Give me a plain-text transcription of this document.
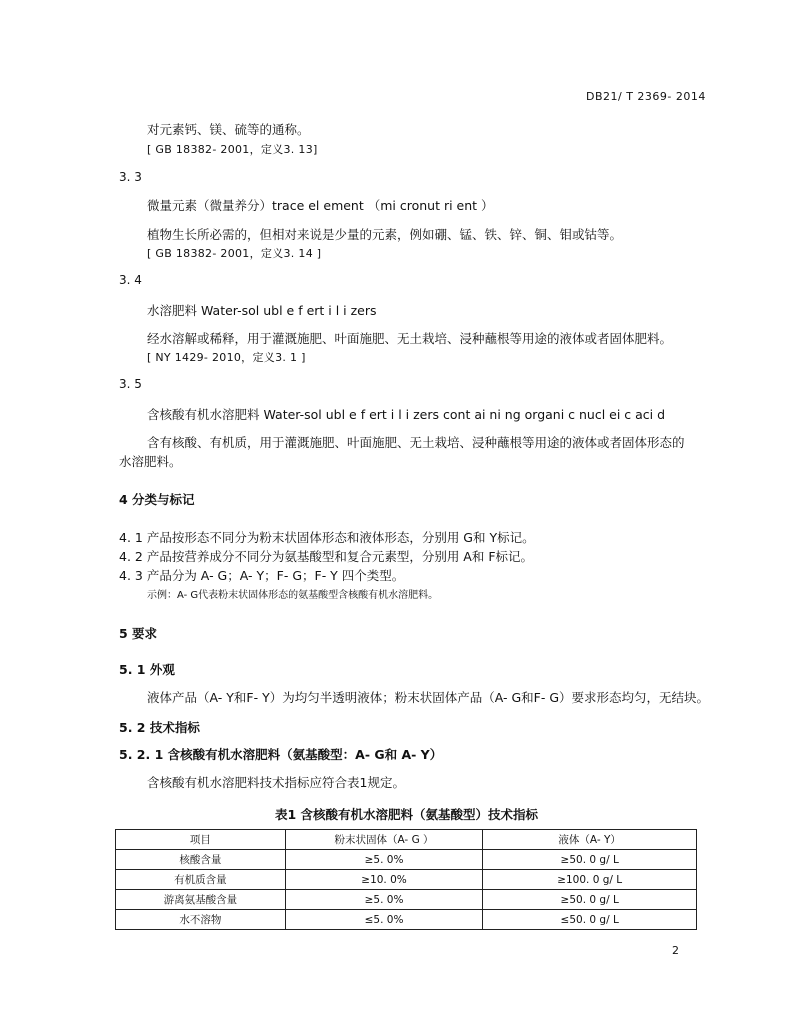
DB21/ T 2369- 2014
对元素钙、镁、硫等的通称。
[ GB 18382- 2001，定义3. 13]
3. 3
微量元素（微量养分）trace el ement （mi cronut ri ent ）
植物生长所必需的，但相对来说是少量的元素，例如硼、锰、铁、锌、铜、钼或钴等。
[ GB 18382- 2001，定义3. 14 ]
3. 4
水溶肥料 Water-sol ubl e f ert i l i zers
经水溶解或稀释，用于灌溉施肥、叶面施肥、无土栽培、浸种蘸根等用途的液体或者固体肥料。
[ NY 1429- 2010，定义3. 1 ]
3. 5
含核酸有机水溶肥料 Water-sol ubl e f ert i l i zers cont ai ni ng organi c nucl ei c aci d
含有核酸、有机质，用于灌溉施肥、叶面施肥、无土栽培、浸种蘸根等用途的液体或者固体形态的
水溶肥料。
4 分类与标记
4. 1 产品按形态不同分为粉末状固体形态和液体形态，分别用 G和 Y标记。
4. 2 产品按营养成分不同分为氨基酸型和复合元素型，分别用 A和 F标记。
4. 3 产品分为 A- G；A- Y；F- G；F- Y 四个类型。
示例：A- G代表粉末状固体形态的氨基酸型含核酸有机水溶肥料。
5 要求
5. 1 外观
液体产品（A- Y和F- Y）为均匀半透明液体；粉末状固体产品（A- G和F- G）要求形态均匀，无结块。
5. 2 技术指标
5. 2. 1 含核酸有机水溶肥料（氨基酸型：A- G和 A- Y）
含核酸有机水溶肥料技术指标应符合表1规定。
表1 含核酸有机水溶肥料（氨基酸型）技术指标
项目	粉末状固体（A- G ）	液体（A- Y）
核酸含量	≥5. 0%	≥50. 0 g/ L
有机质含量	≥10. 0%	≥100. 0 g/ L
游离氨基酸含量	≥5. 0%	≥50. 0 g/ L
水不溶物	≤5. 0%	≤50. 0 g/ L
2
